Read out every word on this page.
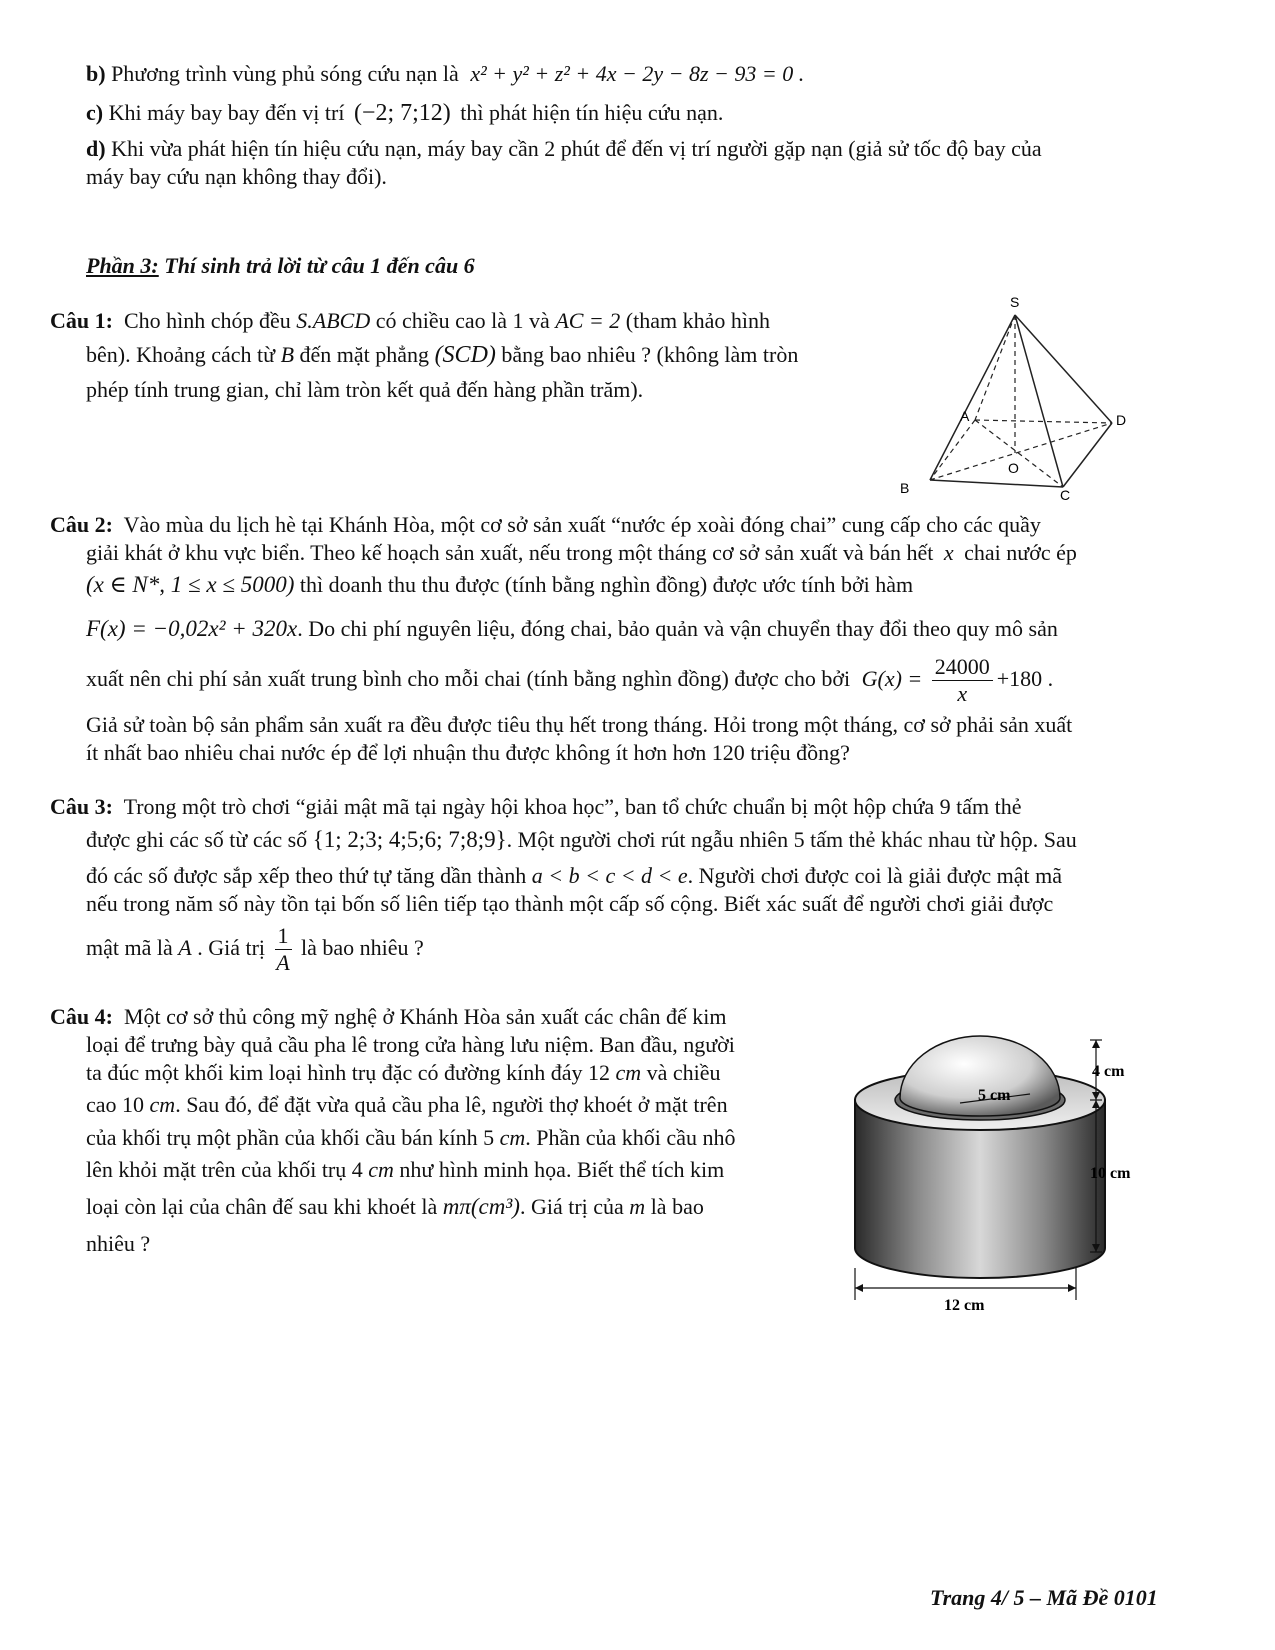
b) Phương trình vùng phủ sóng cứu nạn là x² + y² + z² + 4x − 2y − 8z − 93 = 0 .
c) Khi máy bay bay đến vị trí (−2; 7;12) thì phát hiện tín hiệu cứu nạn.
d) Khi vừa phát hiện tín hiệu cứu nạn, máy bay cần 2 phút để đến vị trí người gặp nạn (giả sử tốc độ bay của
máy bay cứu nạn không thay đổi).
Phần 3: Thí sinh trả lời từ câu 1 đến câu 6
Câu 1: Cho hình chóp đều S.ABCD có chiều cao là 1 và AC = 2 (tham khảo hình
bên). Khoảng cách từ B đến mặt phẳng (SCD) bằng bao nhiêu ? (không làm tròn
phép tính trung gian, chỉ làm tròn kết quả đến hàng phần trăm).
S
A	D
O
B	C
Câu 2: Vào mùa du lịch hè tại Khánh Hòa, một cơ sở sản xuất “nước ép xoài đóng chai” cung cấp cho các quầy
giải khát ở khu vực biển. Theo kế hoạch sản xuất, nếu trong một tháng cơ sở sản xuất và bán hết x chai nước ép
(x ∈ N*, 1 ≤ x ≤ 5000) thì doanh thu thu được (tính bằng nghìn đồng) được ước tính bởi hàm
F(x) = −0,02x² + 320x. Do chi phí nguyên liệu, đóng chai, bảo quản và vận chuyển thay đổi theo quy mô sản
xuất nên chi phí sản xuất trung bình cho mỗi chai (tính bằng nghìn đồng) được cho bởi $G(x) = \frac{24000}{x} +180$ .
Giả sử toàn bộ sản phẩm sản xuất ra đều được tiêu thụ hết trong tháng. Hỏi trong một tháng, cơ sở phải sản xuất
ít nhất bao nhiêu chai nước ép để lợi nhuận thu được không ít hơn hơn 120 triệu đồng?
Câu 3: Trong một trò chơi “giải mật mã tại ngày hội khoa học”, ban tổ chức chuẩn bị một hộp chứa 9 tấm thẻ
được ghi các số từ các số {1; 2;3; 4;5;6; 7;8;9}. Một người chơi rút ngẫu nhiên 5 tấm thẻ khác nhau từ hộp. Sau
đó các số được sắp xếp theo thứ tự tăng dần thành a < b < c < d < e. Người chơi được coi là giải được mật mã
nếu trong năm số này tồn tại bốn số liên tiếp tạo thành một cấp số cộng. Biết xác suất để người chơi giải được
mật mã là A . Giá trị $\frac{1}{A}$ là bao nhiêu ?
Câu 4: Một cơ sở thủ công mỹ nghệ ở Khánh Hòa sản xuất các chân đế kim
loại để trưng bày quả cầu pha lê trong cửa hàng lưu niệm. Ban đầu, người
ta đúc một khối kim loại hình trụ đặc có đường kính đáy 12 cm và chiều
cao 10 cm. Sau đó, để đặt vừa quả cầu pha lê, người thợ khoét ở mặt trên
của khối trụ một phần của khối cầu bán kính 5 cm. Phần của khối cầu nhô
lên khỏi mặt trên của khối trụ 4 cm như hình minh họa. Biết thể tích kim
loại còn lại của chân đế sau khi khoét là mπ(cm³). Giá trị của m là bao
nhiêu ?
5 cm
4 cm
10 cm
12 cm
Trang 4/ 5 – Mã Đề 0101
